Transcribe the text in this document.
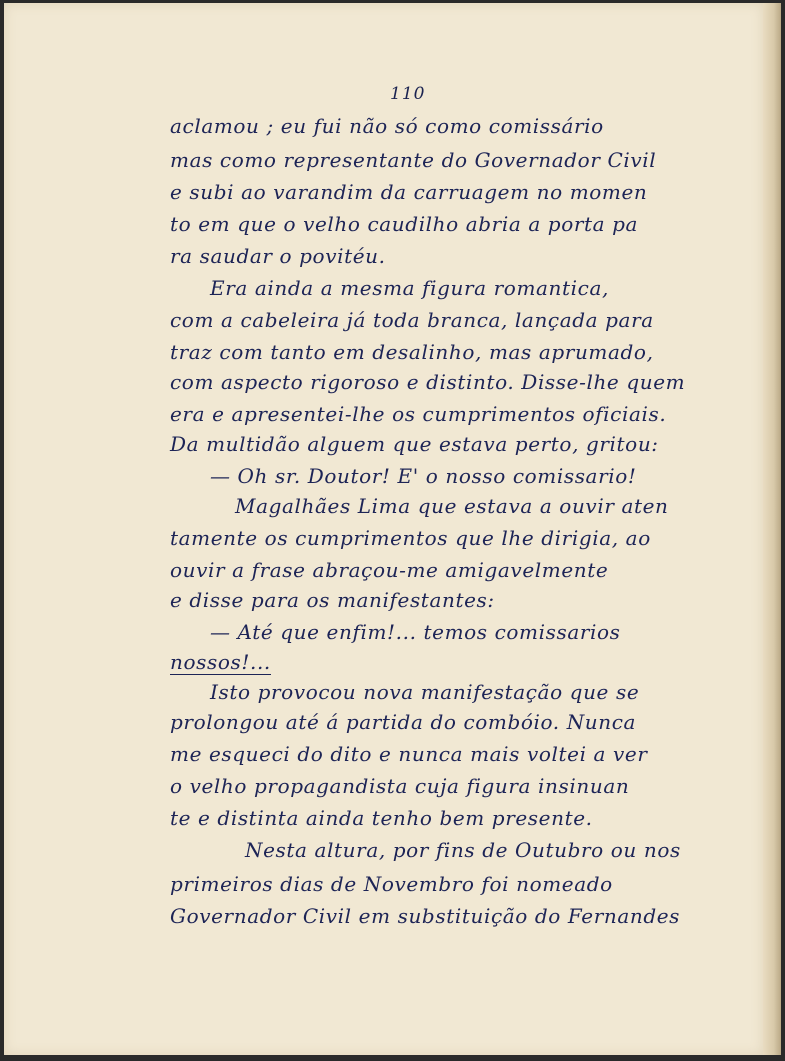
110
aclamou ; eu fui não só como comissário
mas como representante do Governador Civil
e subi ao varandim da carruagem no momen
to em que o velho caudilho abria a porta pa
ra saudar o povitéu.
Era ainda a mesma figura romantica,
com a cabeleira já toda branca, lançada para
traz com tanto em desalinho, mas aprumado,
com aspecto rigoroso e distinto. Disse-lhe quem
era e apresentei-lhe os cumprimentos oficiais.
Da multidão alguem que estava perto, gritou:
— Oh sr. Doutor! E' o nosso comissario!
Magalhães Lima que estava a ouvir aten
tamente os cumprimentos que lhe dirigia, ao
ouvir a frase abraçou-me amigavelmente
e disse para os manifestantes:
— Até que enfim!... temos comissarios
nossos!...
Isto provocou nova manifestação que se
prolongou até á partida do combóio. Nunca
me esqueci do dito e nunca mais voltei a ver
o velho propagandista cuja figura insinuan
te e distinta ainda tenho bem presente.
Nesta altura, por fins de Outubro ou nos
primeiros dias de Novembro foi nomeado
Governador Civil em substituição do Fernandes
